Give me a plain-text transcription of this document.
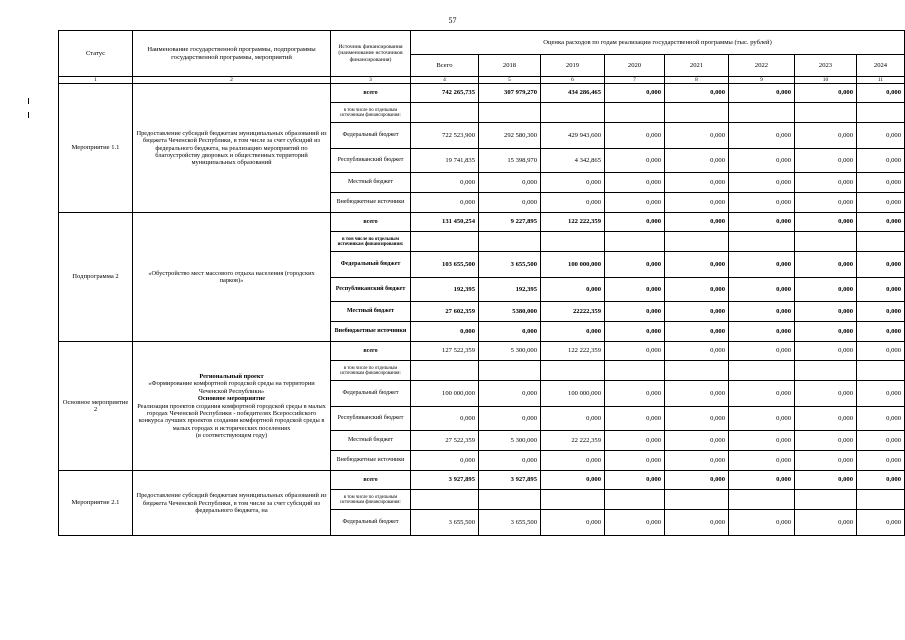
57
Статус	Наименование государственной программы, подпрограммы государственной программы, мероприятий	Источник финансирования (наименование источников финансирования)	Оценка расходов по годам реализации государственной программы (тыс. рублей)							
			Всего	2018	2019	2020	2021	2022	2023	2024
1	2	3	4	5	6	7	8	9	10	11
Мероприятие 1.1	Предоставление субсидий бюджетам муниципальных образований из бюджета Чеченской Республики, в том числе за счет субсидий из федерального бюджета, на реализацию мероприятий по благоустройству дворовых и общественных территорий муниципальных образований	всего	742 265,735	307 979,270	434 286,465	0,000	0,000	0,000	0,000	0,000
		в том числе по отдельным источникам финансирования:								
		Федеральный бюджет	722 523,900	292 580,300	429 943,600	0,000	0,000	0,000	0,000	0,000
		Республиканский бюджет	19 741,835	15 398,970	4 342,865	0,000	0,000	0,000	0,000	0,000
		Местный бюджет	0,000	0,000	0,000	0,000	0,000	0,000	0,000	0,000
		Внебюджетные источники	0,000	0,000	0,000	0,000	0,000	0,000	0,000	0,000
Подпрограмма 2	«Обустройство мест массового отдыха населения (городских парков)»	всего	131 450,254	9 227,895	122 222,359	0,000	0,000	0,000	0,000	0,000
		в том числе по отдельным источникам финансирования:								
		Федеральный бюджет	103 655,500	3 655,500	100 000,000	0,000	0,000	0,000	0,000	0,000
		Республиканский бюджет	192,395	192,395	0,000	0,000	0,000	0,000	0,000	0,000
		Местный бюджет	27 602,359	5380,000	22222,359	0,000	0,000	0,000	0,000	0,000
		Внебюджетные источники	0,000	0,000	0,000	0,000	0,000	0,000	0,000	0,000
Основное мероприятие 2	Региональный проект
«Формирование комфортной городской среды на территории Чеченской Республики»
Основное мероприятие
Реализация проектов создания комфортной городской среды в малых городах Чеченской Республики - победителях Всероссийского конкурса лучших проектов создания комфортной городской среды в малых городах и исторических поселениях
(в соответствующем году)	всего	127 522,359	5 300,000	122 222,359	0,000	0,000	0,000	0,000	0,000
		в том числе по отдельным источникам финансирования:								
		Федеральный бюджет	100 000,000	0,000	100 000,000	0,000	0,000	0,000	0,000	0,000
		Республиканский бюджет	0,000	0,000	0,000	0,000	0,000	0,000	0,000	0,000
		Местный бюджет	27 522,359	5 300,000	22 222,359	0,000	0,000	0,000	0,000	0,000
		Внебюджетные источники	0,000	0,000	0,000	0,000	0,000	0,000	0,000	0,000
Мероприятие 2.1	Предоставление субсидий бюджетам муниципальных образований из бюджета Чеченской Республики, в том числе за счет субсидий из федерального бюджета, на	всего	3 927,895	3 927,895	0,000	0,000	0,000	0,000	0,000	0,000
		в том числе по отдельным источникам финансирования:								
		Федеральный бюджет	3 655,500	3 655,500	0,000	0,000	0,000	0,000	0,000	0,000
